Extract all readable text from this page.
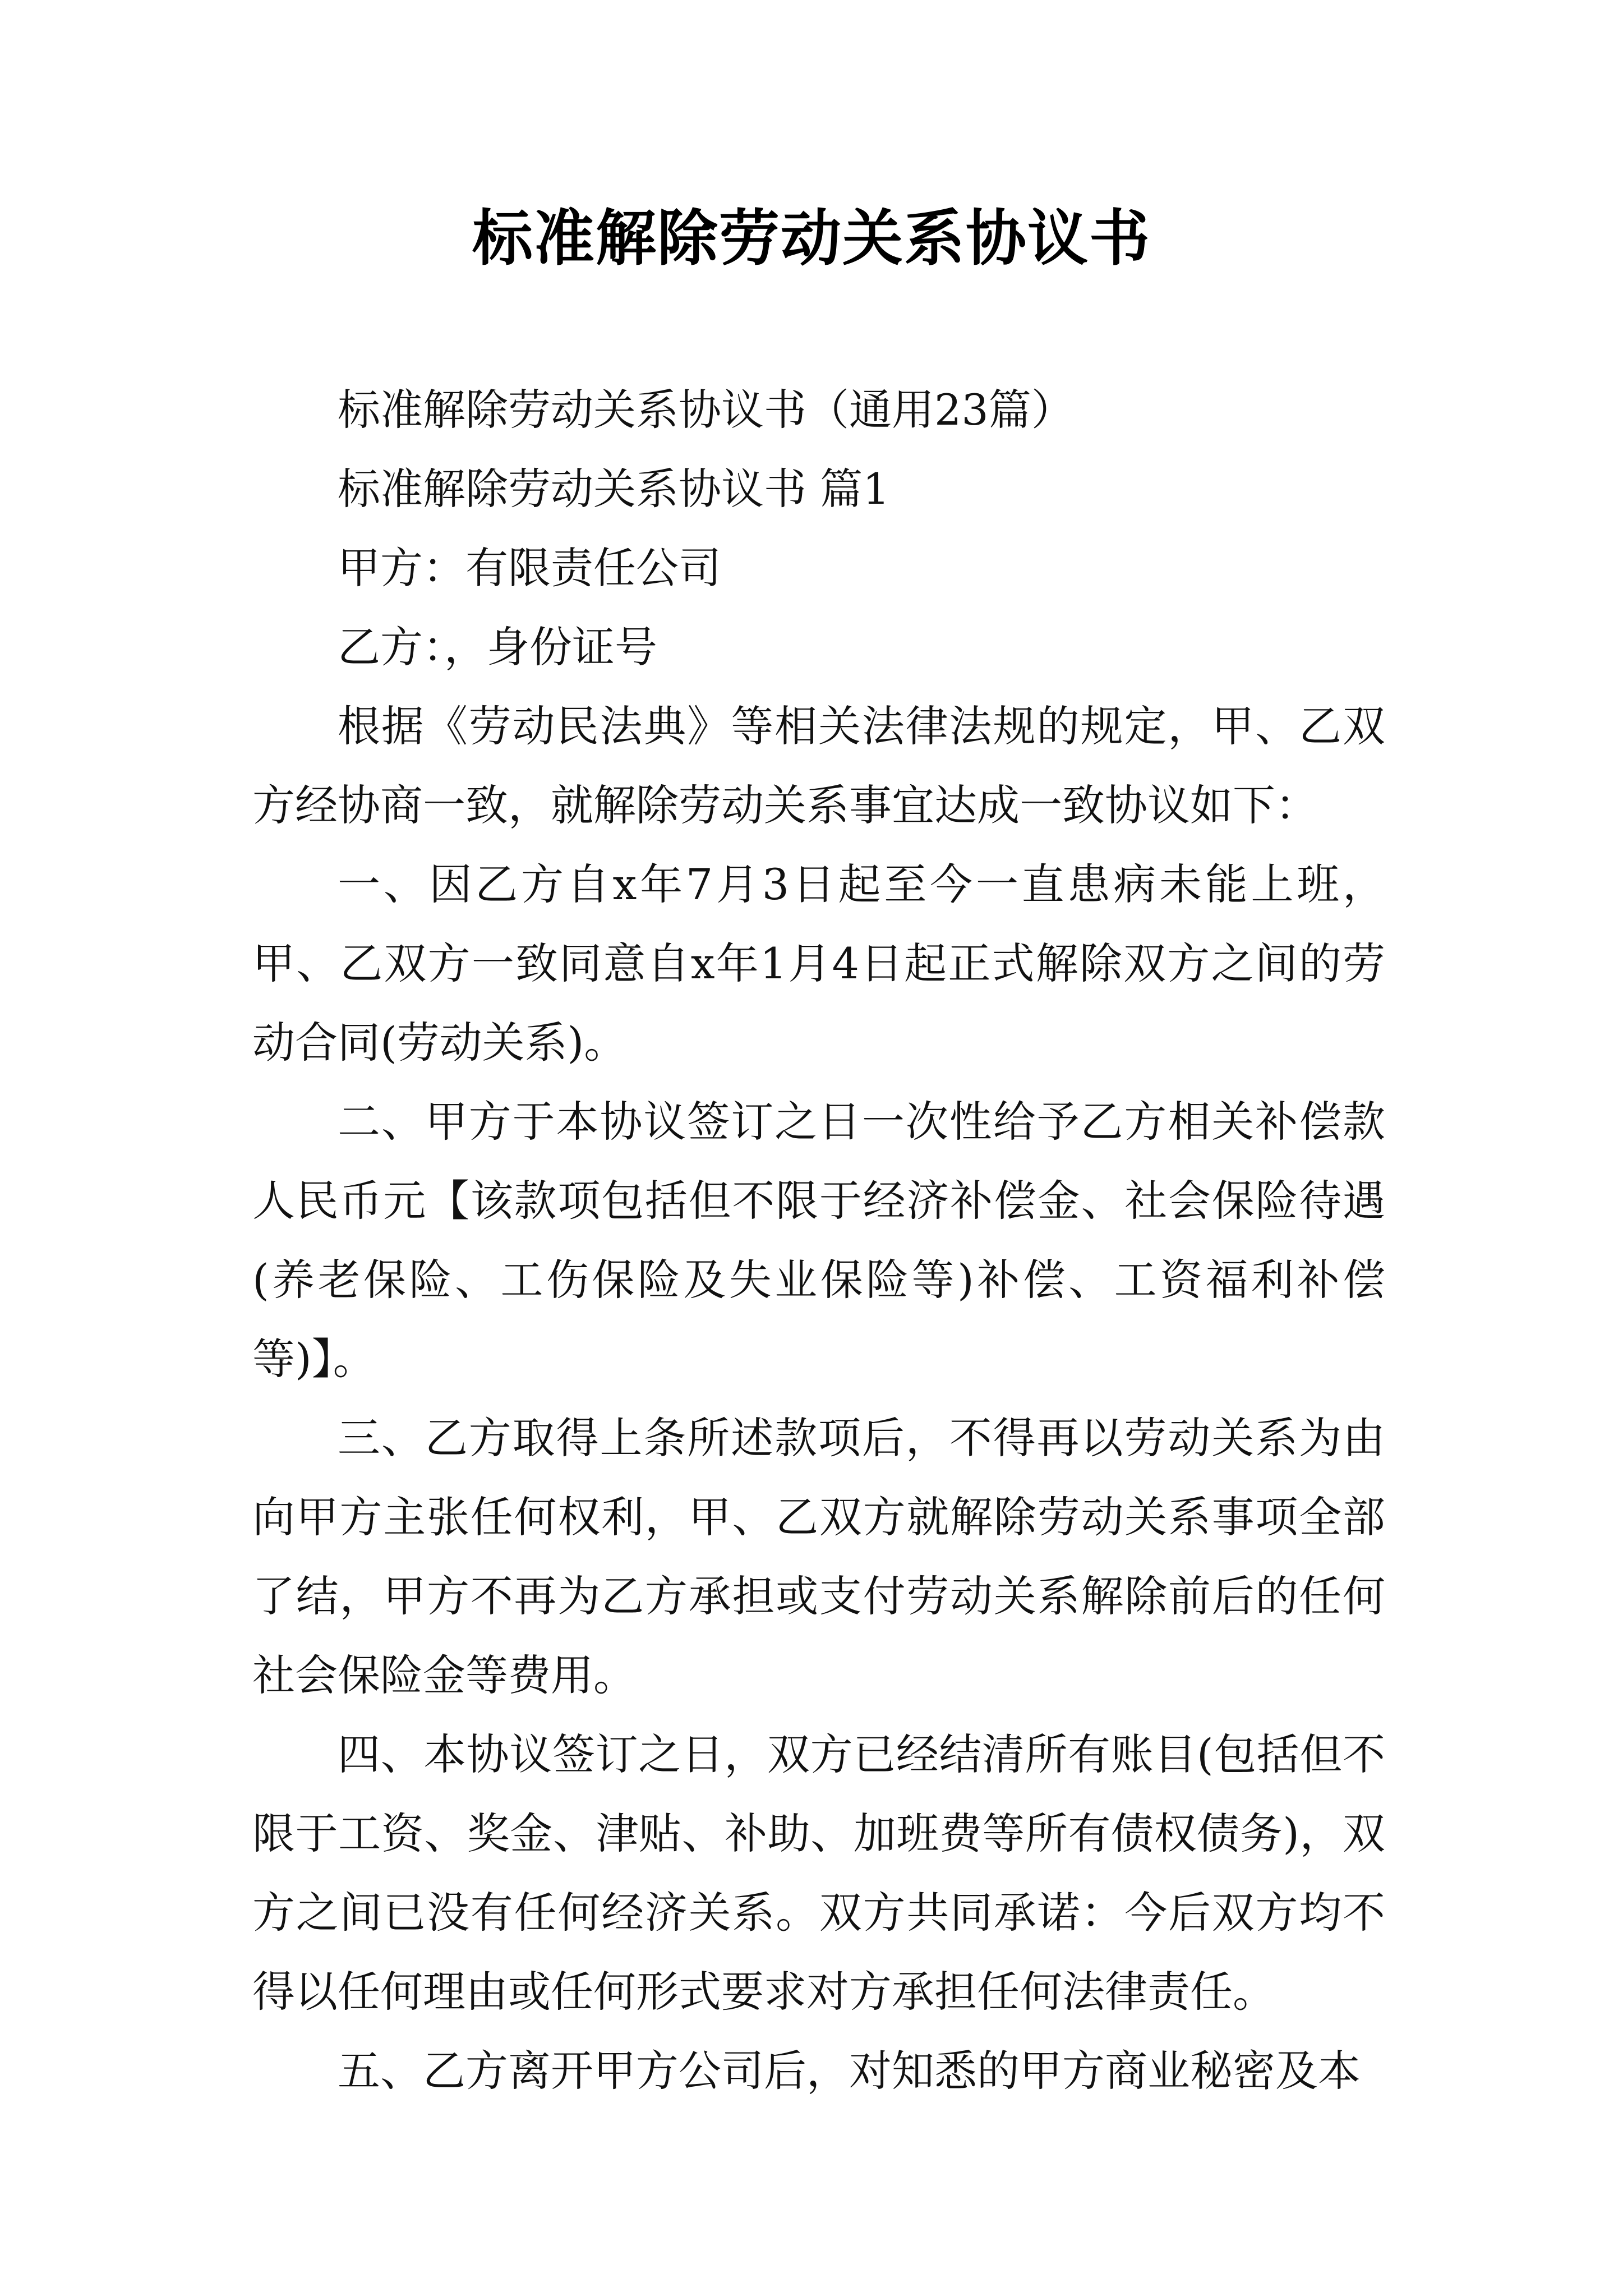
标准解除劳动关系协议书

标准解除劳动关系协议书（通用23篇）

标准解除劳动关系协议书 篇1

甲方：有限责任公司

乙方：，身份证号

根据《劳动民法典》等相关法律法规的规定，甲、乙双方经协商一致，就解除劳动关系事宜达成一致协议如下：

一、因乙方自x年7月3日起至今一直患病未能上班，甲、乙双方一致同意自x年1月4日起正式解除双方之间的劳动合同(劳动关系)。

二、甲方于本协议签订之日一次性给予乙方相关补偿款人民币元【该款项包括但不限于经济补偿金、社会保险待遇(养老保险、工伤保险及失业保险等)补偿、工资福利补偿等)】。

三、乙方取得上条所述款项后，不得再以劳动关系为由向甲方主张任何权利，甲、乙双方就解除劳动关系事项全部了结，甲方不再为乙方承担或支付劳动关系解除前后的任何社会保险金等费用。

四、本协议签订之日，双方已经结清所有账目(包括但不限于工资、奖金、津贴、补助、加班费等所有债权债务)，双方之间已没有任何经济关系。双方共同承诺：今后双方均不得以任何理由或任何形式要求对方承担任何法律责任。

五、乙方离开甲方公司后，对知悉的甲方商业秘密及本
